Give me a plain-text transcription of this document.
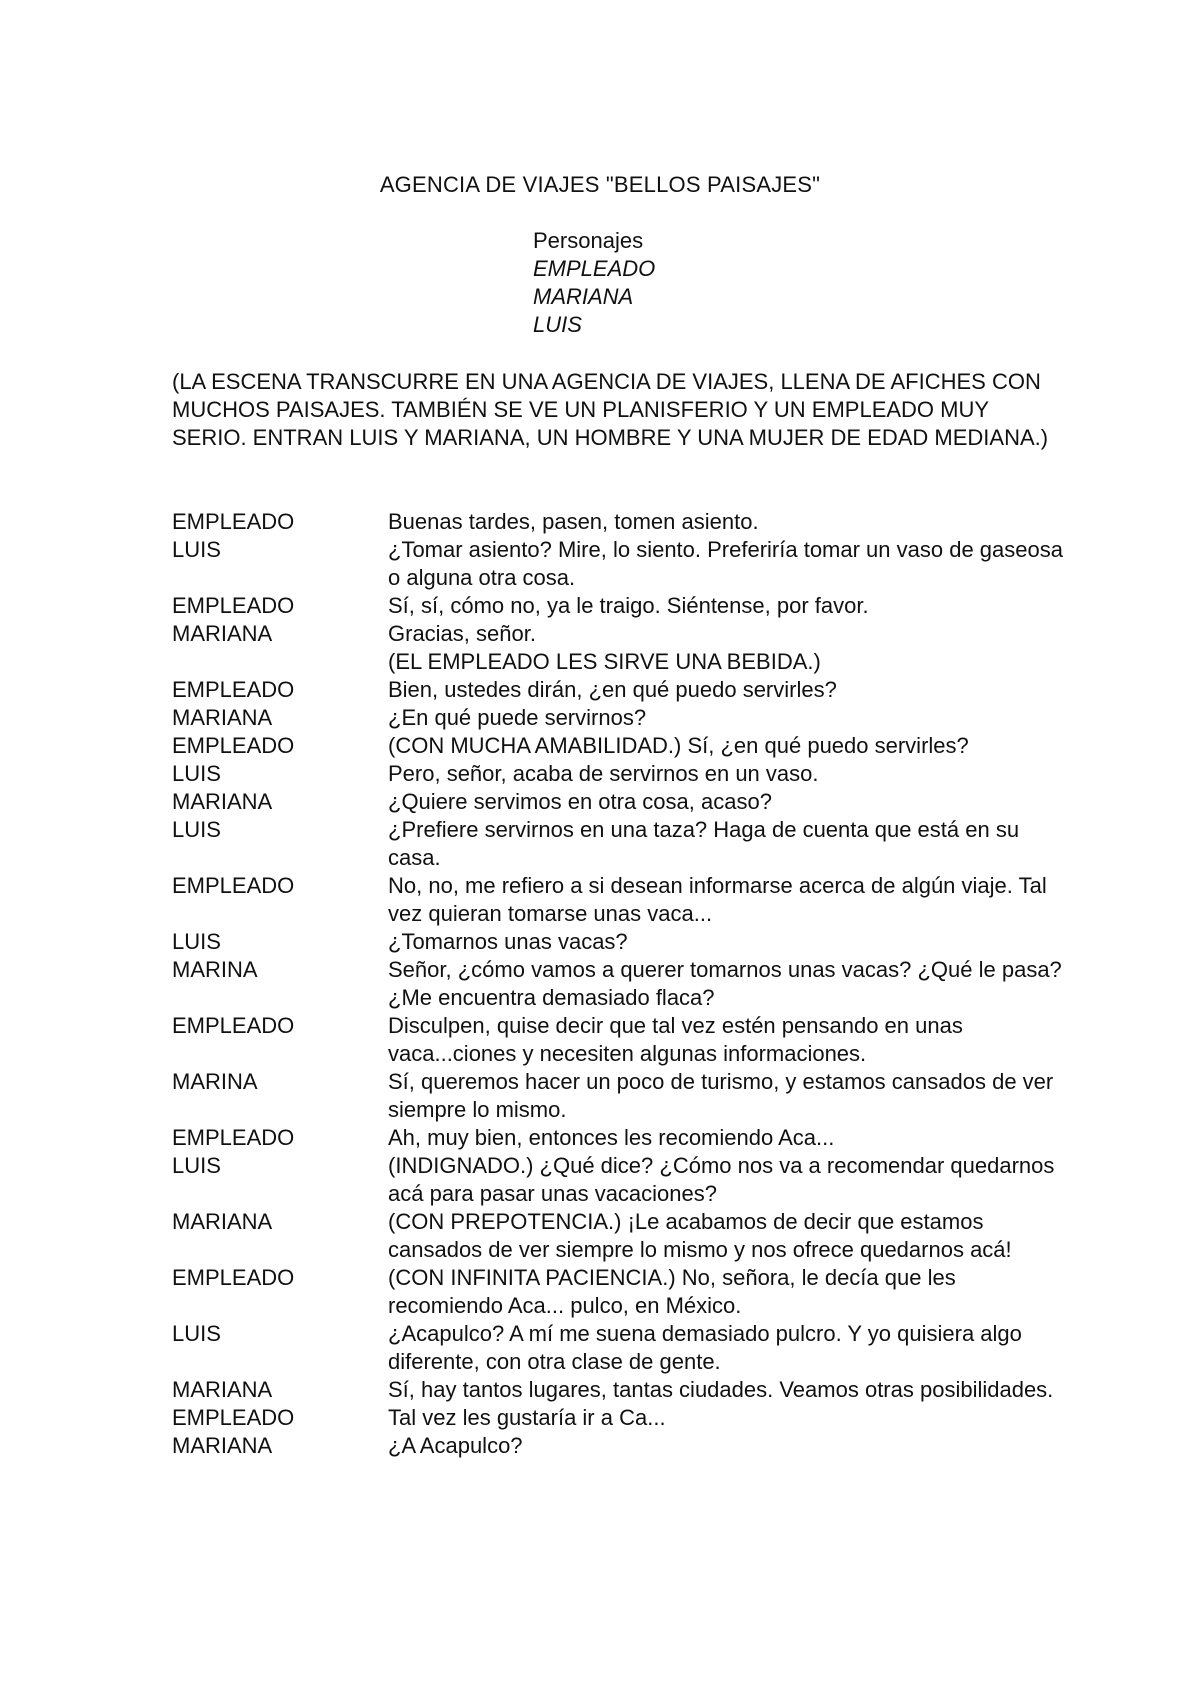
AGENCIA DE VIAJES "BELLOS PAISAJES"
Personajes
EMPLEADO
MARIANA
LUIS
(LA ESCENA TRANSCURRE EN UNA AGENCIA DE VIAJES, LLENA DE AFICHES CON MUCHOS PAISAJES. TAMBIÉN SE VE UN PLANISFERIO Y UN EMPLEADO MUY SERIO. ENTRAN LUIS Y MARIANA, UN HOMBRE Y UNA MUJER DE EDAD MEDIANA.)
EMPLEADO	Buenas tardes, pasen, tomen asiento.
LUIS	¿Tomar asiento? Mire, lo siento. Preferiría tomar un vaso de gaseosa o alguna otra cosa.
EMPLEADO	Sí, sí, cómo no, ya le traigo. Siéntense, por favor.
MARIANA	Gracias, señor.
(EL EMPLEADO LES SIRVE UNA BEBIDA.)
EMPLEADO	Bien, ustedes dirán, ¿en qué puedo servirles?
MARIANA	¿En qué puede servirnos?
EMPLEADO	(CON MUCHA AMABILIDAD.) Sí, ¿en qué puedo servirles?
LUIS	Pero, señor, acaba de servirnos en un vaso.
MARIANA	¿Quiere servimos en otra cosa, acaso?
LUIS	¿Prefiere servirnos en una taza? Haga de cuenta que está en su casa.
EMPLEADO	No, no, me refiero a si desean informarse acerca de algún viaje. Tal vez quieran tomarse unas vaca...
LUIS	¿Tomarnos unas vacas?
MARINA	Señor, ¿cómo vamos a querer tomarnos unas vacas? ¿Qué le pasa? ¿Me encuentra demasiado flaca?
EMPLEADO	Disculpen, quise decir que tal vez estén pensando en unas vaca...ciones y necesiten algunas informaciones.
MARINA	Sí, queremos hacer un poco de turismo, y estamos cansados de ver siempre lo mismo.
EMPLEADO	Ah, muy bien, entonces les recomiendo Aca...
LUIS	(INDIGNADO.) ¿Qué dice? ¿Cómo nos va a recomendar quedarnos acá para pasar unas vacaciones?
MARIANA	(CON PREPOTENCIA.) ¡Le acabamos de decir que estamos cansados de ver siempre lo mismo y nos ofrece quedarnos acá!
EMPLEADO	(CON INFINITA PACIENCIA.) No, señora, le decía que les recomiendo Aca... pulco, en México.
LUIS	¿Acapulco? A mí me suena demasiado pulcro. Y yo quisiera algo diferente, con otra clase de gente.
MARIANA	Sí, hay tantos lugares, tantas ciudades. Veamos otras posibilidades.
EMPLEADO	Tal vez les gustaría ir a Ca...
MARIANA	¿A Acapulco?
